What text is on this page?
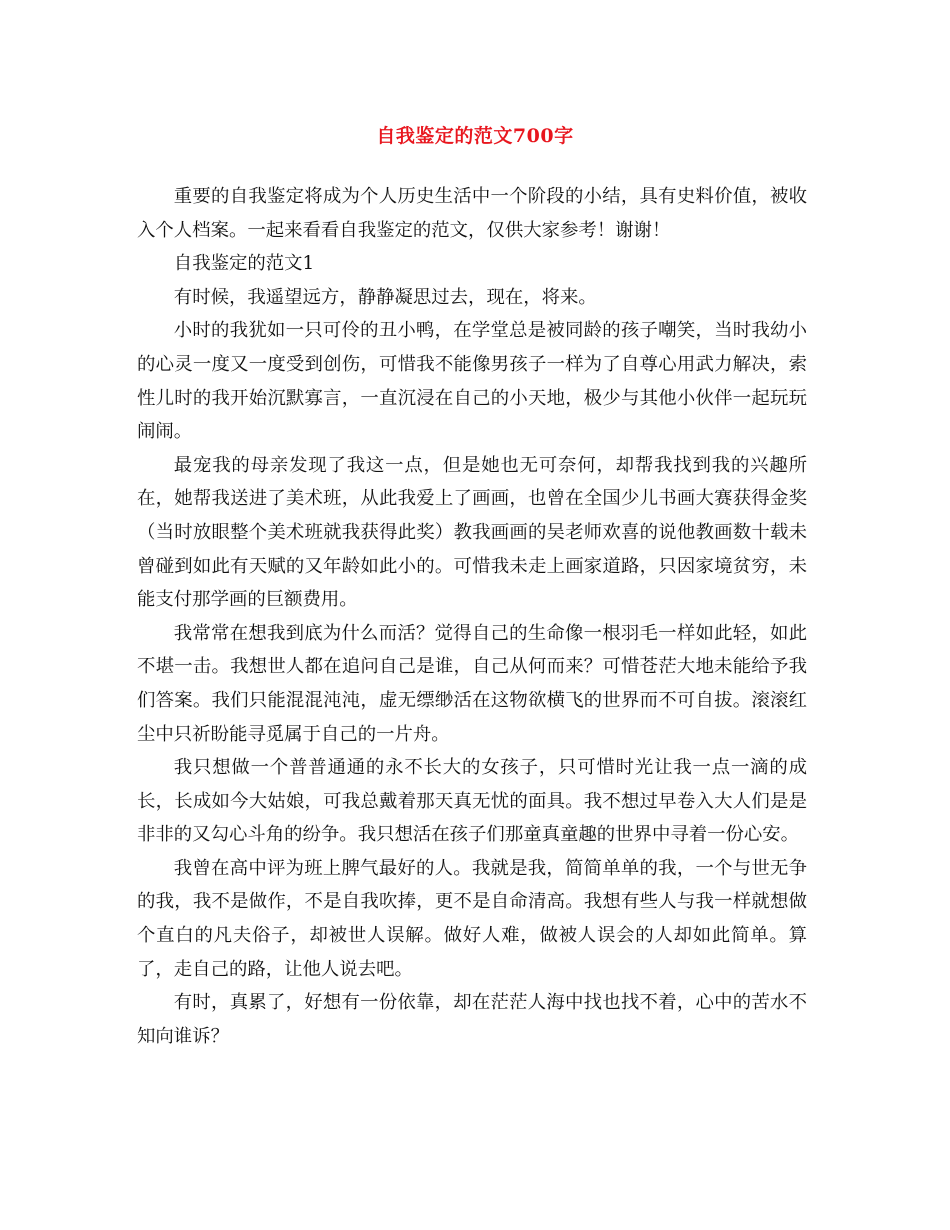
自我鉴定的范文700字

重要的自我鉴定将成为个人历史生活中一个阶段的小结，具有史料价值，被收入个人档案。一起来看看自我鉴定的范文，仅供大家参考！谢谢！

自我鉴定的范文1

有时候，我遥望远方，静静凝思过去，现在，将来。

小时的我犹如一只可伶的丑小鸭，在学堂总是被同龄的孩子嘲笑，当时我幼小的心灵一度又一度受到创伤，可惜我不能像男孩子一样为了自尊心用武力解决，索性儿时的我开始沉默寡言，一直沉浸在自己的小天地，极少与其他小伙伴一起玩玩闹闹。

最宠我的母亲发现了我这一点，但是她也无可奈何，却帮我找到我的兴趣所在，她帮我送进了美术班，从此我爱上了画画，也曾在全国少儿书画大赛获得金奖（当时放眼整个美术班就我获得此奖）教我画画的吴老师欢喜的说他教画数十载未曾碰到如此有天赋的又年龄如此小的。可惜我未走上画家道路，只因家境贫穷，未能支付那学画的巨额费用。

我常常在想我到底为什么而活？觉得自己的生命像一根羽毛一样如此轻，如此不堪一击。我想世人都在追问自己是谁，自己从何而来？可惜苍茫大地未能给予我们答案。我们只能混混沌沌，虚无缥缈活在这物欲横飞的世界而不可自拔。滚滚红尘中只祈盼能寻觅属于自己的一片舟。

我只想做一个普普通通的永不长大的女孩子，只可惜时光让我一点一滴的成长，长成如今大姑娘，可我总戴着那天真无忧的面具。我不想过早卷入大人们是是非非的又勾心斗角的纷争。我只想活在孩子们那童真童趣的世界中寻着一份心安。

我曾在高中评为班上脾气最好的人。我就是我，简简单单的我，一个与世无争的我，我不是做作，不是自我吹捧，更不是自命清高。我想有些人与我一样就想做个直白的凡夫俗子，却被世人误解。做好人难，做被人误会的人却如此简单。算了，走自己的路，让他人说去吧。

有时，真累了，好想有一份依靠，却在茫茫人海中找也找不着，心中的苦水不知向谁诉？
